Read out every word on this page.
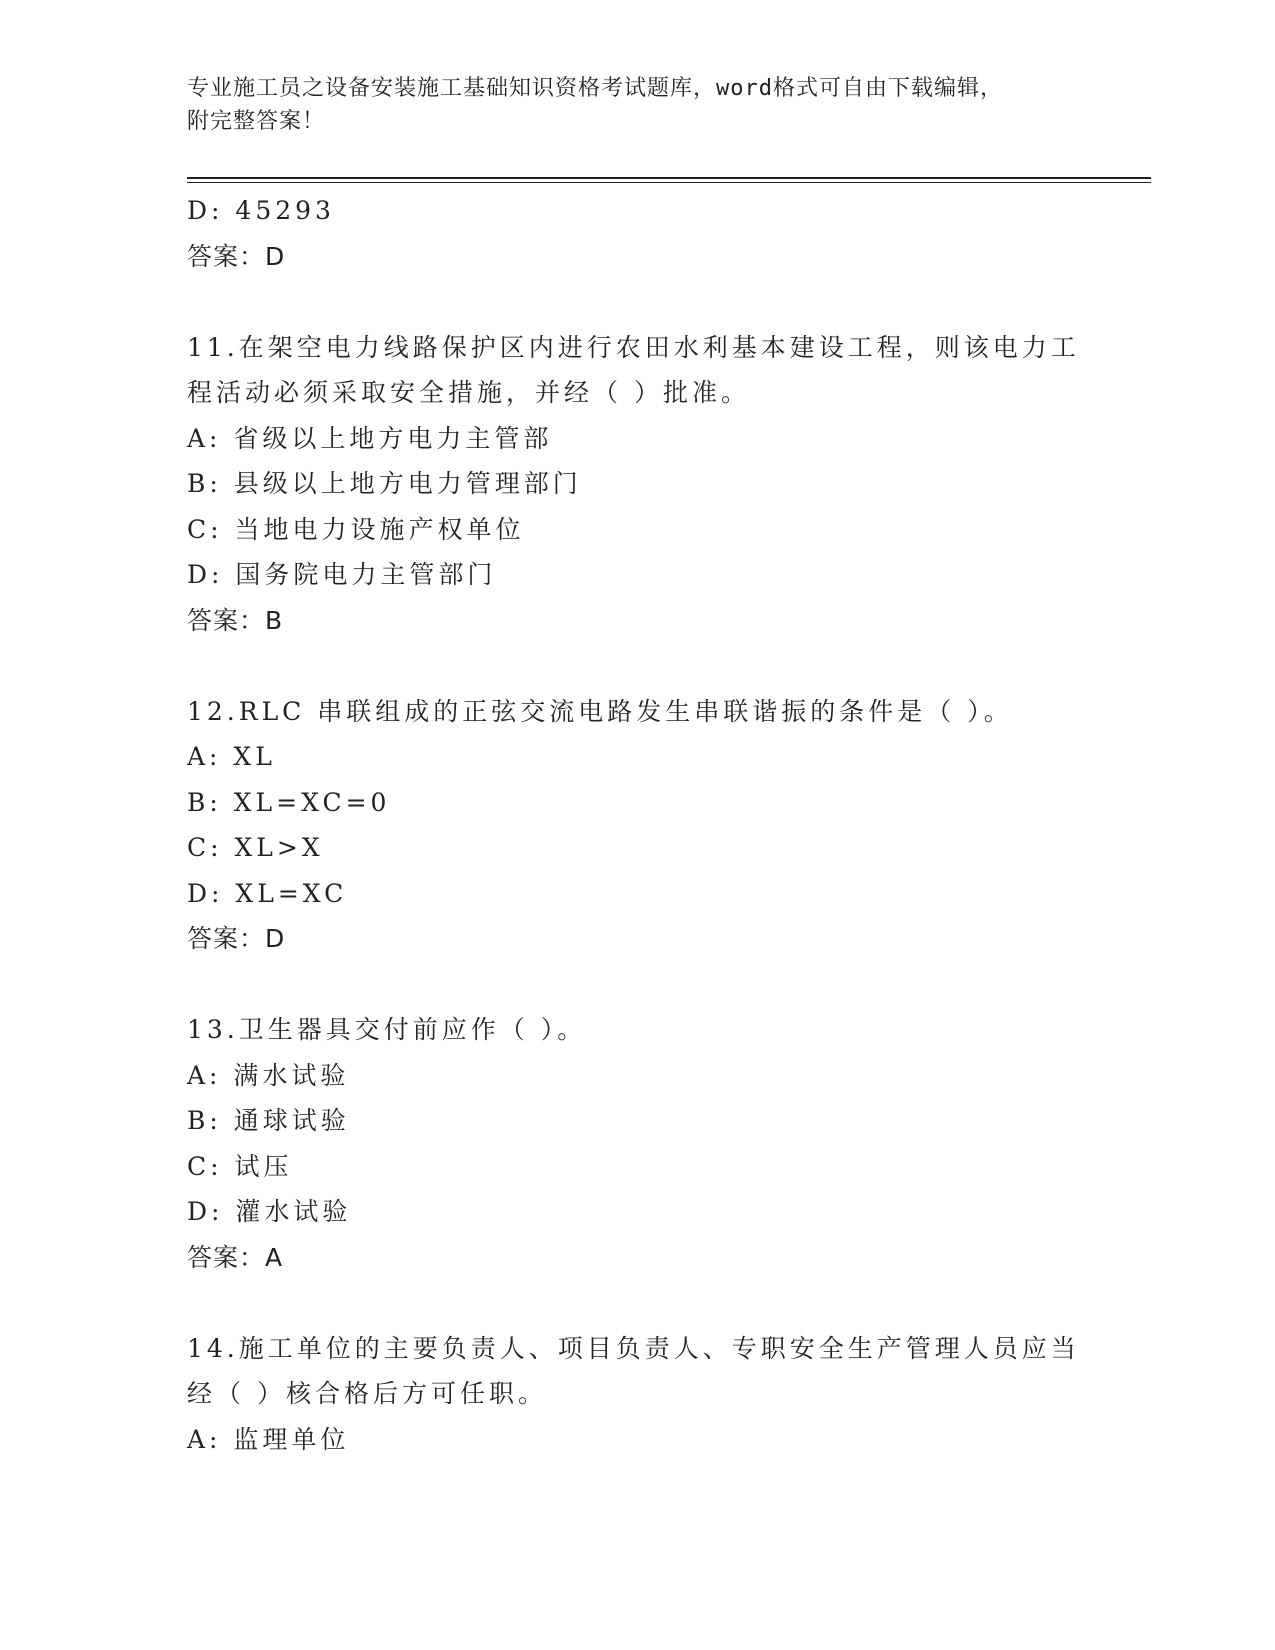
专业施工员之设备安装施工基础知识资格考试题库，word格式可自由下载编辑，
附完整答案！
D: 45293
答案：D
11.在架空电力线路保护区内进行农田水利基本建设工程，则该电力工
程活动必须采取安全措施，并经（ ）批准。
A: 省级以上地方电力主管部
B: 县级以上地方电力管理部门
C: 当地电力设施产权单位
D: 国务院电力主管部门
答案：B
12.RLC 串联组成的正弦交流电路发生串联谐振的条件是（ ）。
A: XL
B: XL=XC=0
C: XL>X
D: XL=XC
答案：D
13.卫生器具交付前应作（ ）。
A: 满水试验
B: 通球试验
C: 试压
D: 灌水试验
答案：A
14.施工单位的主要负责人、项目负责人、专职安全生产管理人员应当
经（ ）核合格后方可任职。
A: 监理单位
